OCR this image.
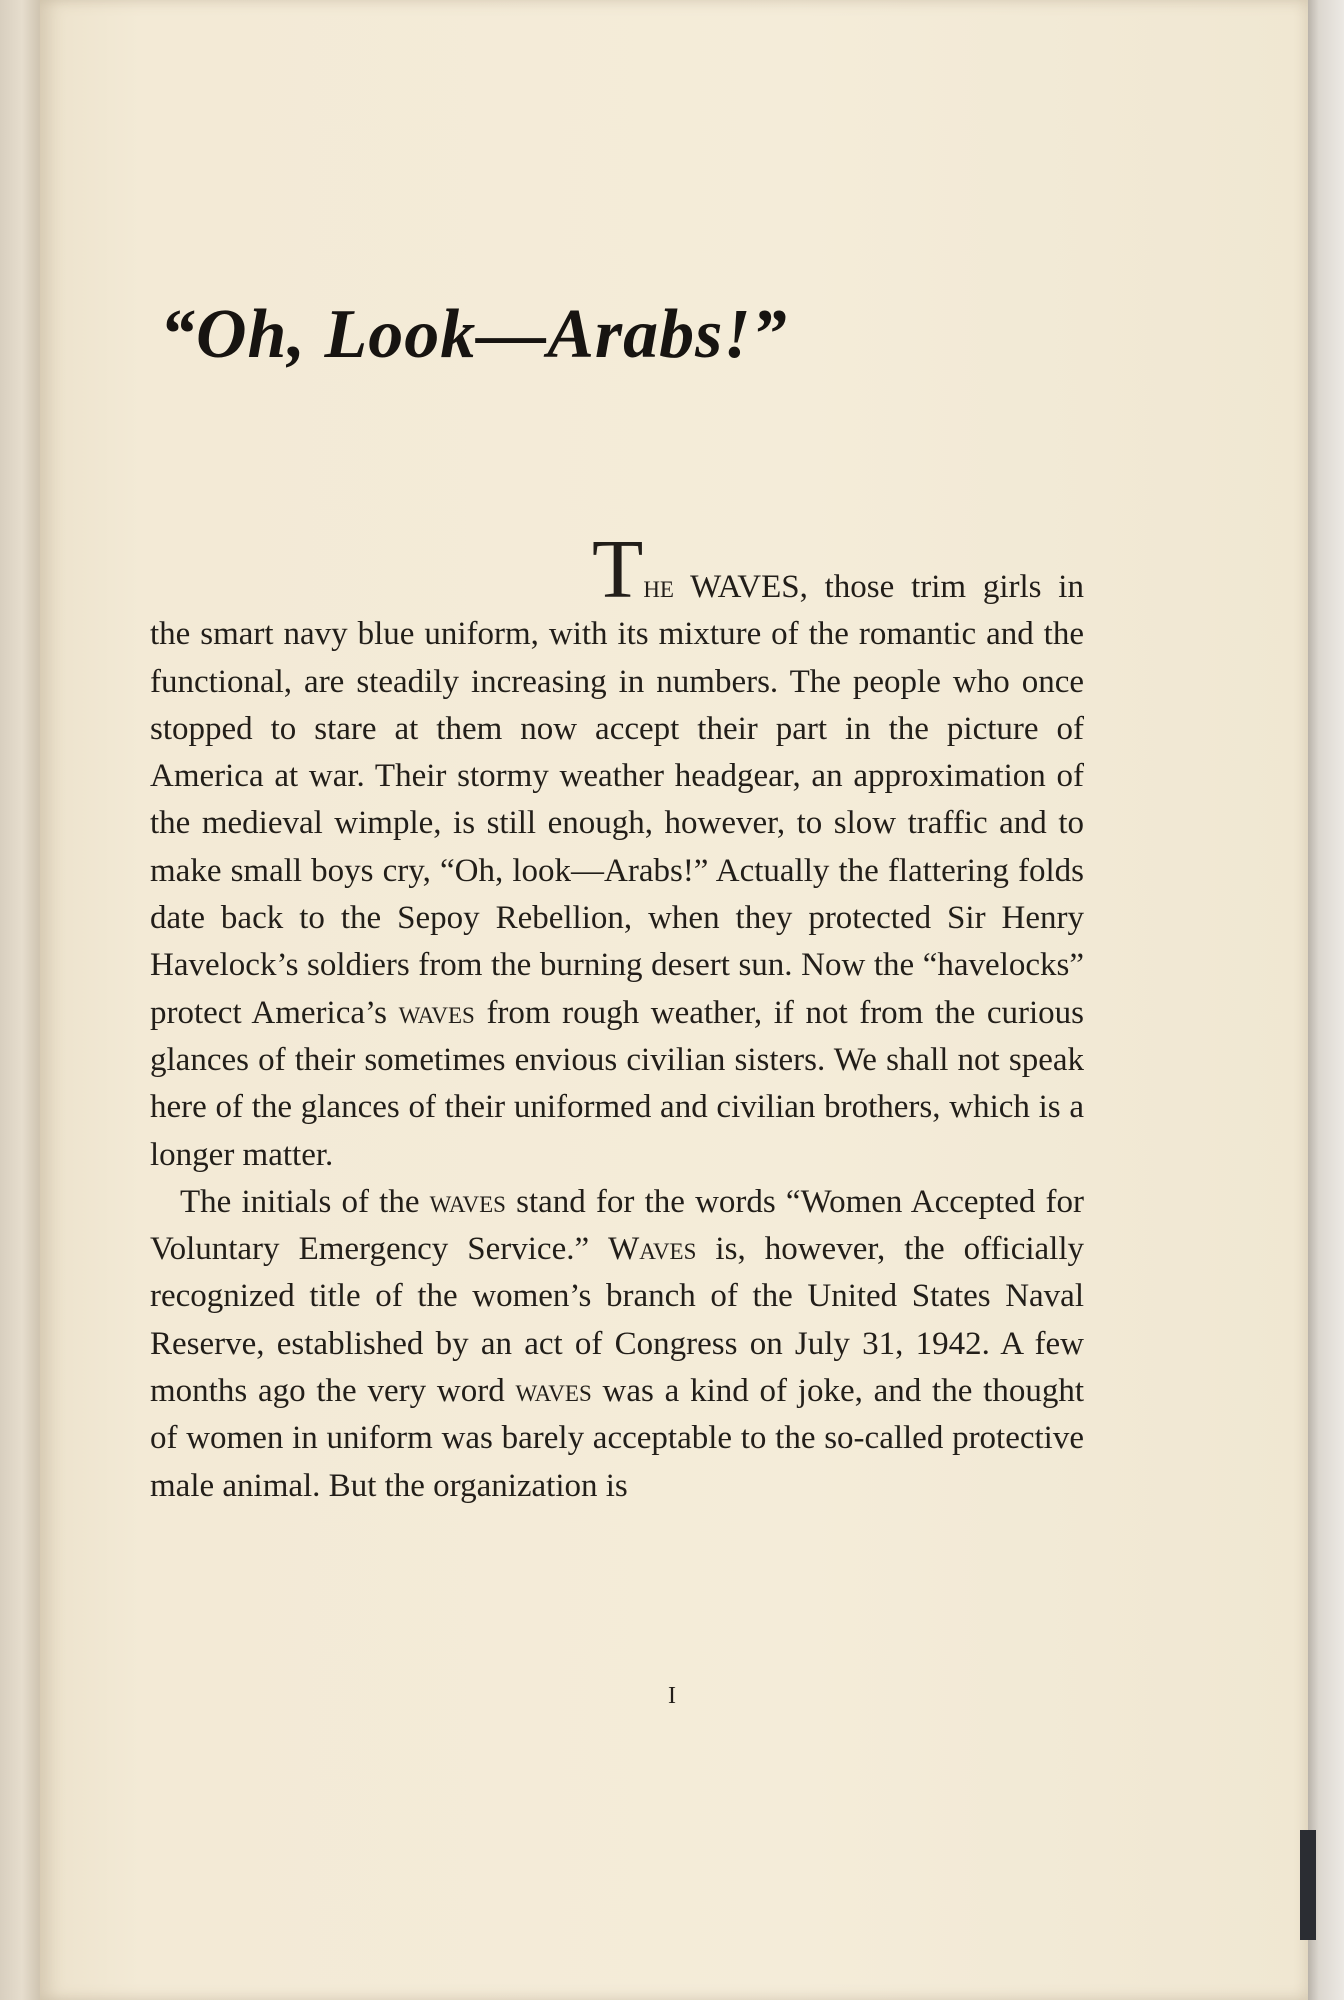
“Oh, Look—Arabs!”

The WAVES, those trim girls in the smart navy blue uniform, with its mixture of the romantic and the functional, are steadily increasing in numbers. The people who once stopped to stare at them now accept their part in the picture of America at war. Their stormy weather headgear, an approximation of the medieval wimple, is still enough, however, to slow traffic and to make small boys cry, “Oh, look—Arabs!” Actually the flattering folds date back to the Sepoy Rebellion, when they protected Sir Henry Havelock’s soldiers from the burning desert sun. Now the “havelocks” protect America’s waves from rough weather, if not from the curious glances of their sometimes envious civilian sisters. We shall not speak here of the glances of their uniformed and civilian brothers, which is a longer matter.

The initials of the waves stand for the words “Women Accepted for Voluntary Emergency Service.” Waves is, however, the officially recognized title of the women’s branch of the United States Naval Reserve, established by an act of Congress on July 31, 1942. A few months ago the very word waves was a kind of joke, and the thought of women in uniform was barely acceptable to the so-called protective male animal. But the organization is

I
